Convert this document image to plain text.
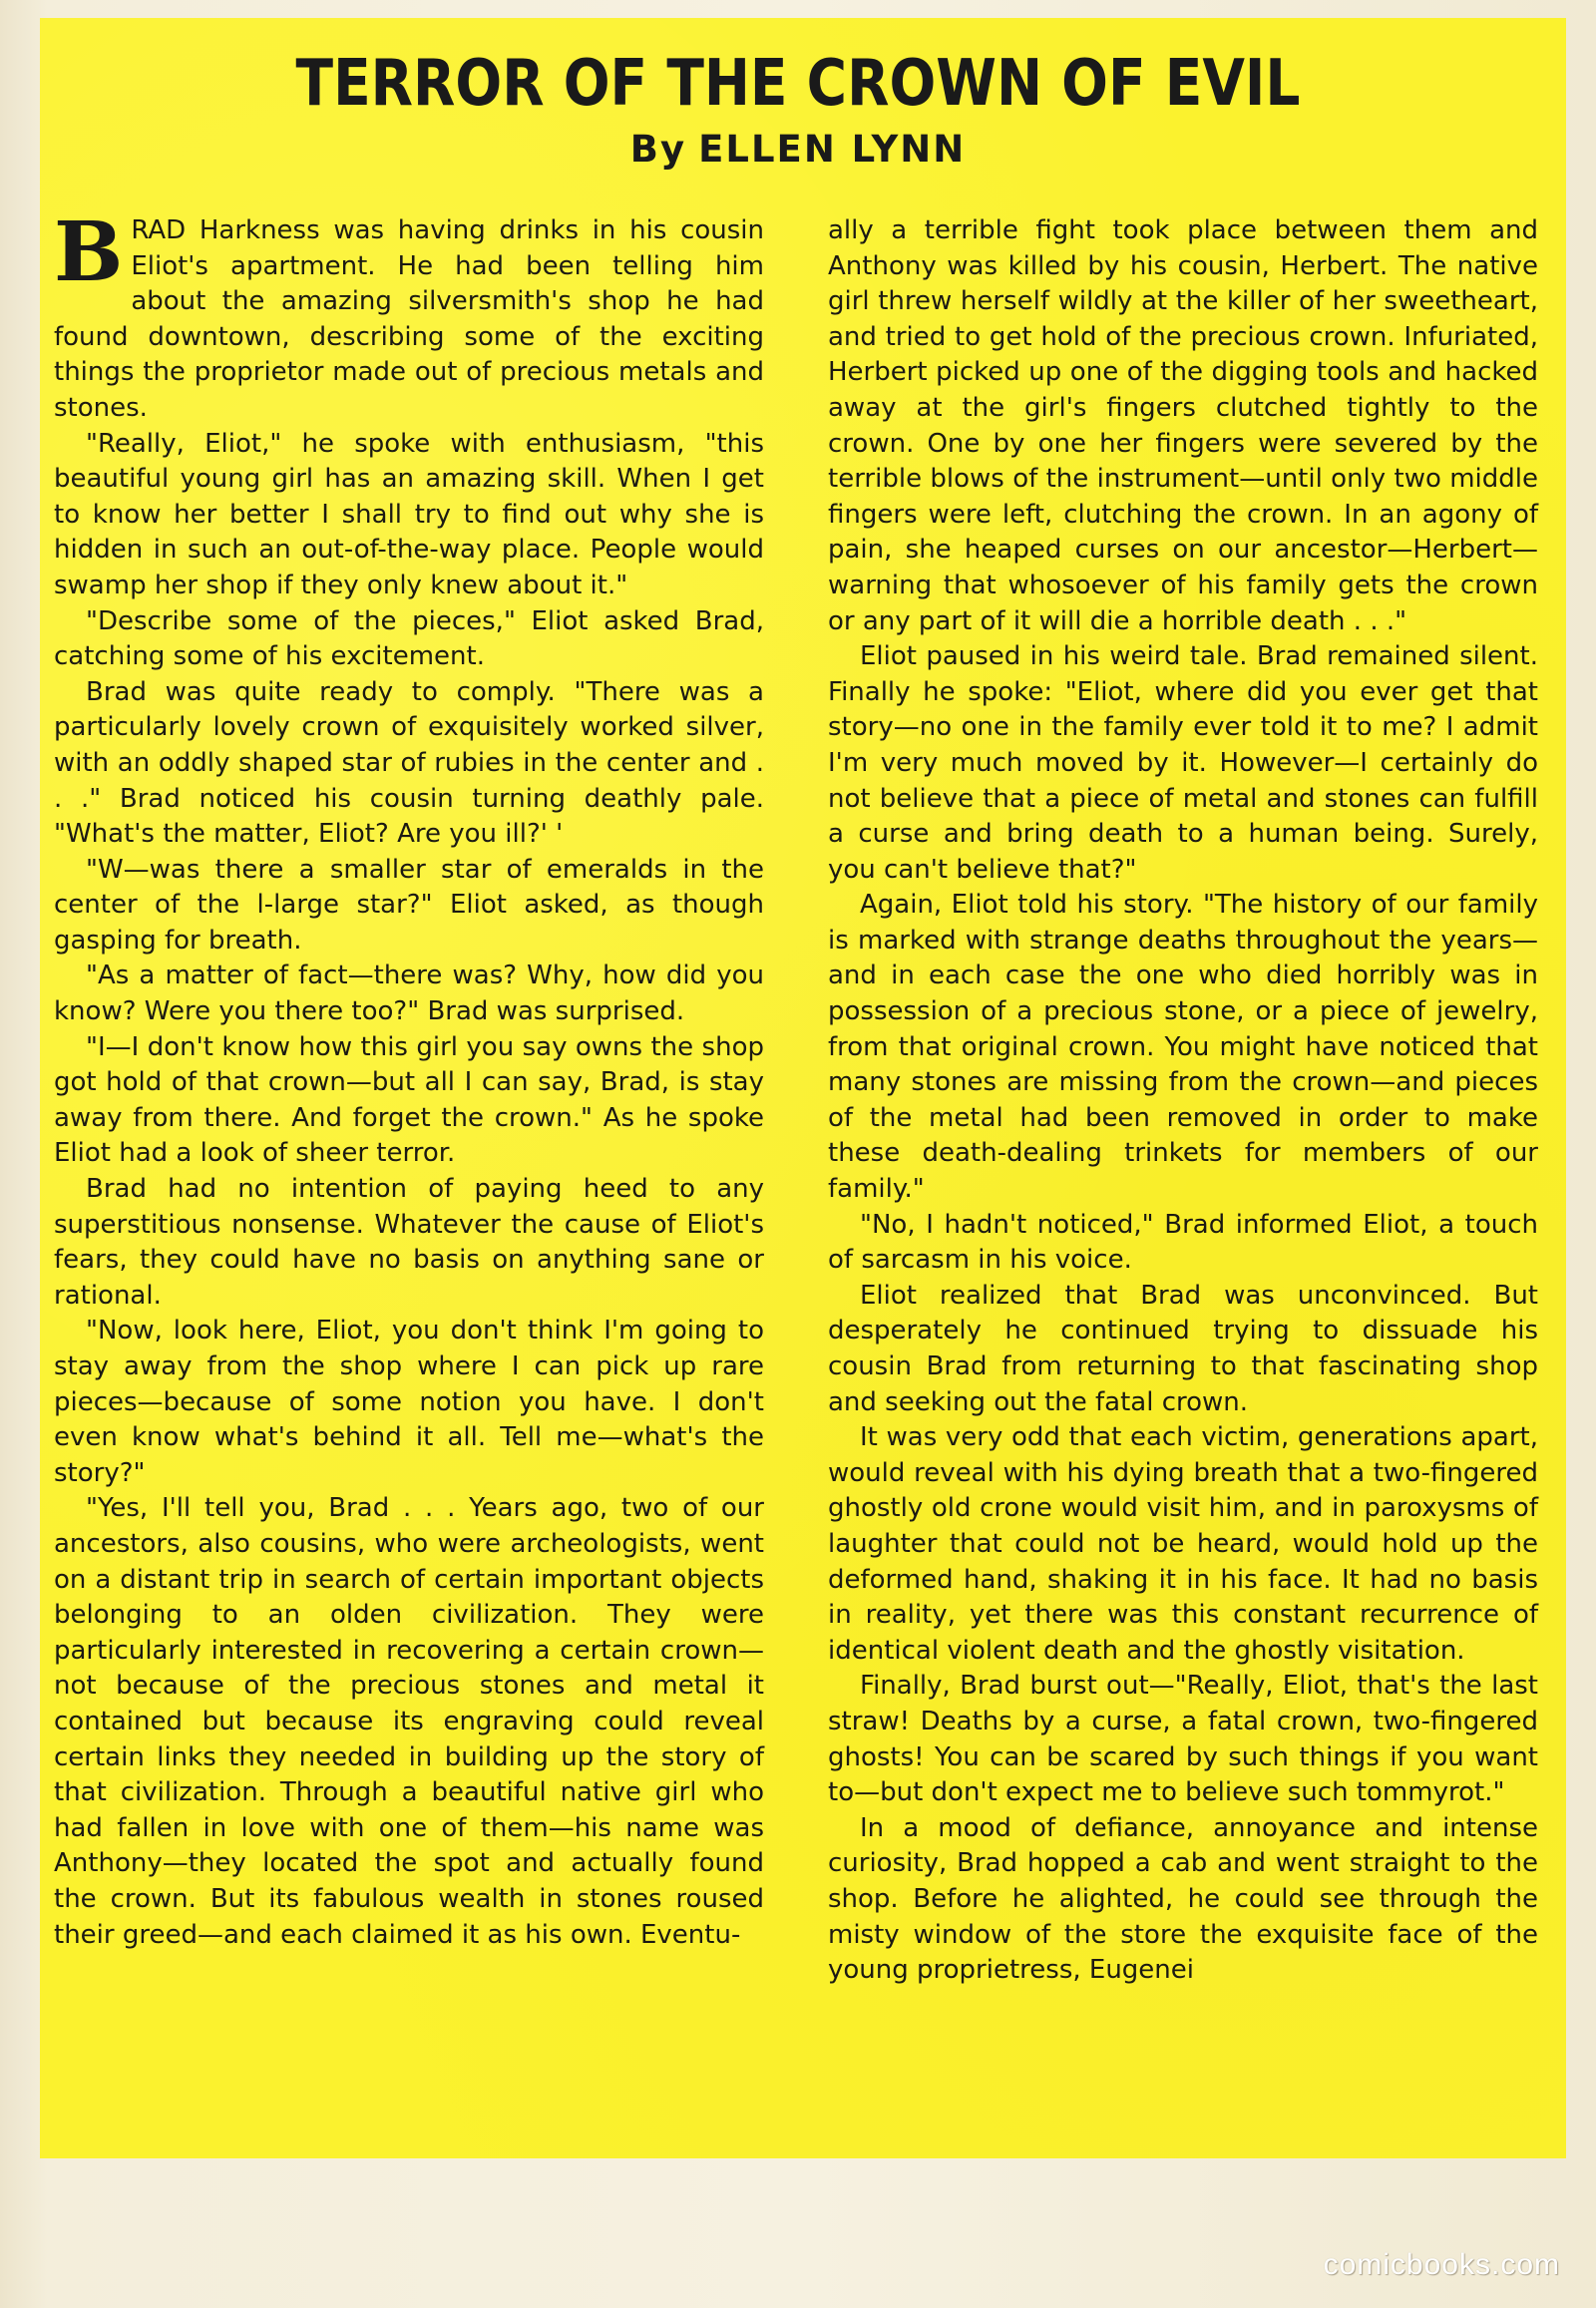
TERROR OF THE CROWN OF EVIL
By ELLEN LYNN

BRAD Harkness was having drinks in his cousin Eliot's apartment. He had been telling him about the amazing silversmith's shop he had found downtown, describing some of the exciting things the proprietor made out of precious metals and stones.

"Really, Eliot," he spoke with enthusiasm, "this beautiful young girl has an amazing skill. When I get to know her better I shall try to find out why she is hidden in such an out-of-the-way place. People would swamp her shop if they only knew about it."

"Describe some of the pieces," Eliot asked Brad, catching some of his excitement.

Brad was quite ready to comply. "There was a particularly lovely crown of exquisitely worked silver, with an oddly shaped star of rubies in the center and . . ." Brad noticed his cousin turning deathly pale. "What's the matter, Eliot? Are you ill?' '

"W—was there a smaller star of emeralds in the center of the l-large star?" Eliot asked, as though gasping for breath.

"As a matter of fact—there was? Why, how did you know? Were you there too?" Brad was surprised.

"I—I don't know how this girl you say owns the shop got hold of that crown—but all I can say, Brad, is stay away from there. And forget the crown." As he spoke Eliot had a look of sheer terror.

Brad had no intention of paying heed to any superstitious nonsense. Whatever the cause of Eliot's fears, they could have no basis on anything sane or rational.

"Now, look here, Eliot, you don't think I'm going to stay away from the shop where I can pick up rare pieces—because of some notion you have. I don't even know what's behind it all. Tell me—what's the story?"

"Yes, I'll tell you, Brad . . . Years ago, two of our ancestors, also cousins, who were archeologists, went on a distant trip in search of certain important objects belonging to an olden civilization. They were particularly interested in recovering a certain crown—not because of the precious stones and metal it contained but because its engraving could reveal certain links they needed in building up the story of that civilization. Through a beautiful native girl who had fallen in love with one of them—his name was Anthony—they located the spot and actually found the crown. But its fabulous wealth in stones roused their greed—and each claimed it as his own. Eventu-

ally a terrible fight took place between them and Anthony was killed by his cousin, Herbert. The native girl threw herself wildly at the killer of her sweetheart, and tried to get hold of the precious crown. Infuriated, Herbert picked up one of the digging tools and hacked away at the girl's fingers clutched tightly to the crown. One by one her fingers were severed by the terrible blows of the instrument—until only two middle fingers were left, clutching the crown. In an agony of pain, she heaped curses on our ancestor—Herbert—warning that whosoever of his family gets the crown or any part of it will die a horrible death . . ."

Eliot paused in his weird tale. Brad remained silent. Finally he spoke: "Eliot, where did you ever get that story—no one in the family ever told it to me? I admit I'm very much moved by it. However—I certainly do not believe that a piece of metal and stones can fulfill a curse and bring death to a human being. Surely, you can't believe that?"

Again, Eliot told his story. "The history of our family is marked with strange deaths throughout the years—and in each case the one who died horribly was in possession of a precious stone, or a piece of jewelry, from that original crown. You might have noticed that many stones are missing from the crown—and pieces of the metal had been removed in order to make these death-dealing trinkets for members of our family."

"No, I hadn't noticed," Brad informed Eliot, a touch of sarcasm in his voice.

Eliot realized that Brad was unconvinced. But desperately he continued trying to dissuade his cousin Brad from returning to that fascinating shop and seeking out the fatal crown.

It was very odd that each victim, generations apart, would reveal with his dying breath that a two-fingered ghostly old crone would visit him, and in paroxysms of laughter that could not be heard, would hold up the deformed hand, shaking it in his face. It had no basis in reality, yet there was this constant recurrence of identical violent death and the ghostly visitation.

Finally, Brad burst out—"Really, Eliot, that's the last straw! Deaths by a curse, a fatal crown, two-fingered ghosts! You can be scared by such things if you want to—but don't expect me to believe such tommyrot."

In a mood of defiance, annoyance and intense curiosity, Brad hopped a cab and went straight to the shop. Before he alighted, he could see through the misty window of the store the exquisite face of the young proprietress, Eugenei

comicbooks.com
